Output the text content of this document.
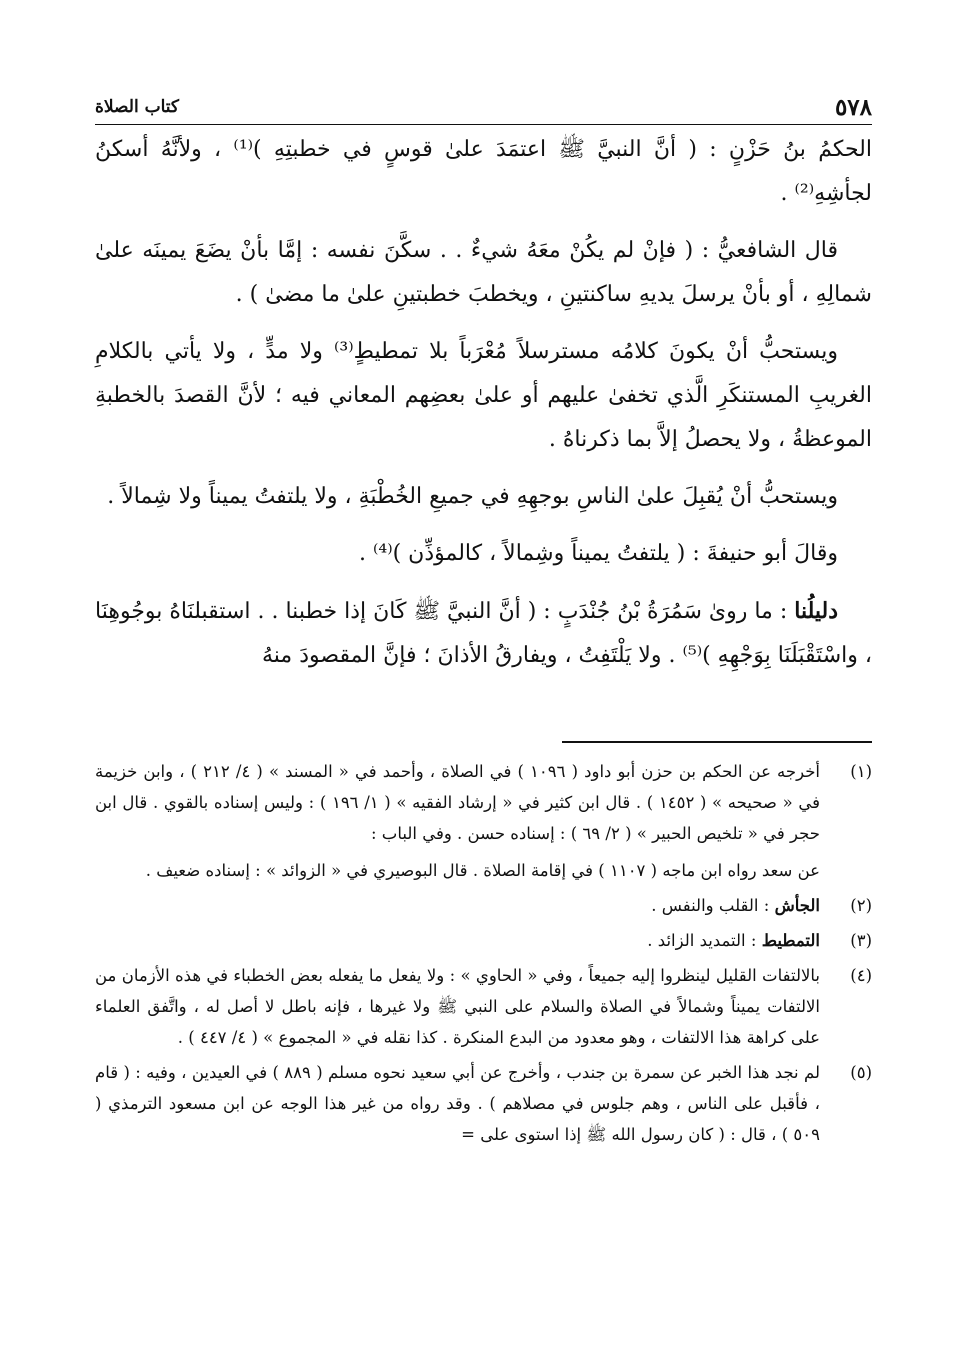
٥٧٨
كتاب الصلاة

الحكمُ بنُ حَزْنٍ : ( أنَّ النبيَّ ﷺ اعتمَدَ علىٰ قوسٍ في خطبتِهِ )⁽¹⁾ ، ولأنَّهُ أسكنُ لجأشِهِ⁽²⁾ .

قال الشافعيُّ : ( فإنْ لم يكُنْ معَهُ شيءٌ . . سكَّنَ نفسه : إمَّا بأنْ يضَعَ يمينَه علىٰ شمالِهِ ، أو بأنْ يرسلَ يديهِ ساكنتينِ ، ويخطبَ خطبتينِ علىٰ ما مضىٰ ) .

ويستحبُّ أنْ يكونَ كلامُه مسترسلاً مُعْرَباً بلا تمطيطٍ⁽³⁾ ولا مدٍّ ، ولا يأتي بالكلامِ الغريبِ المستنكَرِ الَّذي تخفىٰ عليهم أو علىٰ بعضِهم المعاني فيه ؛ لأنَّ القصدَ بالخطبةِ الموعظةُ ، ولا يحصلُ إلاَّ بما ذكرناهُ .

ويستحبُّ أنْ يُقبِلَ علىٰ الناسِ بوجهِهِ في جميعِ الخُطْبَةِ ، ولا يلتفتُ يميناً ولا شِمالاً .

وقالَ أبو حنيفةَ : ( يلتفتُ يميناً وشِمالاً ، كالمؤذِّن )⁽⁴⁾ .

دليلُنا : ما روىٰ سَمُرَةُ بْنُ جُنْدَبٍ : ( أنَّ النبيَّ ﷺ كَانَ إذا خطبنا . . استقبلنَاهُ بوجُوهِنَا ، واسْتَقْبَلَنَا بِوَجْهِهِ )⁽⁵⁾ . ولا يَلْتَفِتُ ، ويفارقُ الأذانَ ؛ فإنَّ المقصودَ منهُ

(١)

أخرجه عن الحكم بن حزن أبو داود ( ١٠٩٦ ) في الصلاة ، وأحمد في « المسند » ( ٤/ ٢١٢ ) ، وابن خزيمة في « صحيحه » ( ١٤٥٢ ) . قال ابن كثير في « إرشاد الفقيه » ( ١/ ١٩٦ ) : وليس إسناده بالقوي . قال ابن حجر في « تلخيص الحبير » ( ٢/ ٦٩ ) : إسناده حسن . وفي الباب :

عن سعد رواه ابن ماجه ( ١١٠٧ ) في إقامة الصلاة . قال البوصيري في « الزوائد » : إسناده ضعيف .

(٢)

الجأش : القلب والنفس .

(٣)

التمطيط : التمديد الزائد .

(٤)

بالالتفات القليل لينظروا إليه جميعاً ، وفي « الحاوي » : ولا يفعل ما يفعله بعض الخطباء في هذه الأزمان من الالتفات يميناً وشمالاً في الصلاة والسلام على النبي ﷺ ولا غيرها ، فإنه باطل لا أصل له ، واتَّفق العلماء على كراهة هذا الالتفات ، وهو معدود من البدع المنكرة . كذا نقله في « المجموع » ( ٤/ ٤٤٧ ) .

(٥)

لم نجد هذا الخبر عن سمرة بن جندب ، وأخرج عن أبي سعيد نحوه مسلم ( ٨٨٩ ) في العيدين ، وفيه : ( قام ، فأقبل على الناس ، وهم جلوس في مصلاهم ) . وقد رواه من غير هذا الوجه عن ابن مسعود الترمذي ( ٥٠٩ ) ، قال : ( كان رسول الله ﷺ إذا استوى على =
